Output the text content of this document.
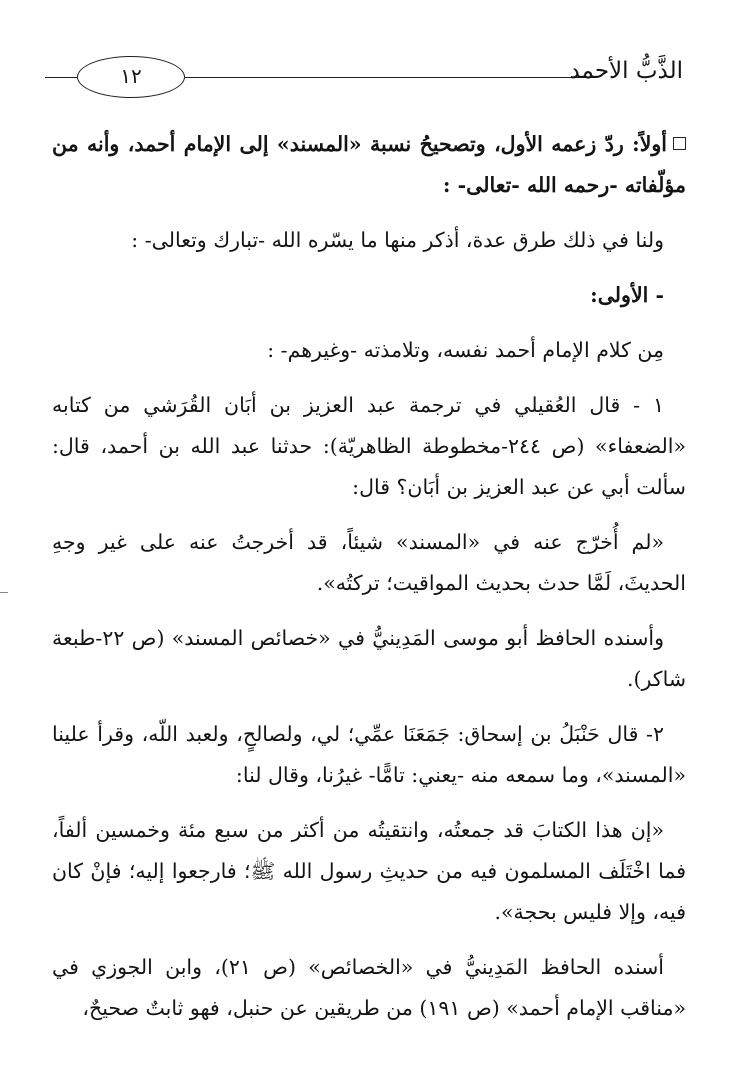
١٢	الذَّبُّ الأحمد

أولاً: ردّ زعمه الأول، وتصحيحُ نسبة «المسند» إلى الإمام أحمد، وأنه من مؤلّفاته -رحمه الله -تعالى- :

ولنا في ذلك طرق عدة، أذكر منها ما يسّره الله -تبارك وتعالى- :

- الأولى:

مِن كلام الإمام أحمد نفسه، وتلامذته -وغيرهم- :

١ - قال العُقيلي في ترجمة عبد العزيز بن أبَان القُرَشي من كتابه «الضعفاء» (ص ٢٤٤-مخطوطة الظاهريّة): حدثنا عبد الله بن أحمد، قال: سألت أبي عن عبد العزيز بن أبَان؟ قال:

«لم أُخرّج عنه في «المسند» شيئاً، قد أخرجتُ عنه على غير وجهِ الحديثَ، لَمَّا حدث بحديث المواقيت؛ تركتُه».

وأسنده الحافظ أبو موسى المَدِينيُّ في «خصائص المسند» (ص ٢٢-طبعة شاكر).

٢- قال حَنْبَلُ بن إسحاق: جَمَعَنَا عمِّي؛ لي، ولصالحٍ، ولعبد اللّه، وقرأ علينا «المسند»، وما سمعه منه -يعني: تامًّا- غيرُنا، وقال لنا:

«إن هذا الكتابَ قد جمعتُه، وانتقيتُه من أكثر من سبع مئة وخمسين ألفاً، فما اخْتَلَف المسلمون فيه من حديثِ رسول الله ﷺ؛ فارجعوا إليه؛ فإنْ كان فيه، وإلا فليس بحجة».

أسنده الحافظ المَدِينيُّ في «الخصائص» (ص ٢١)، وابن الجوزي في «مناقب الإمام أحمد» (ص ١٩١) من طريقين عن حنبل، فهو ثابتٌ صحيحٌ،
